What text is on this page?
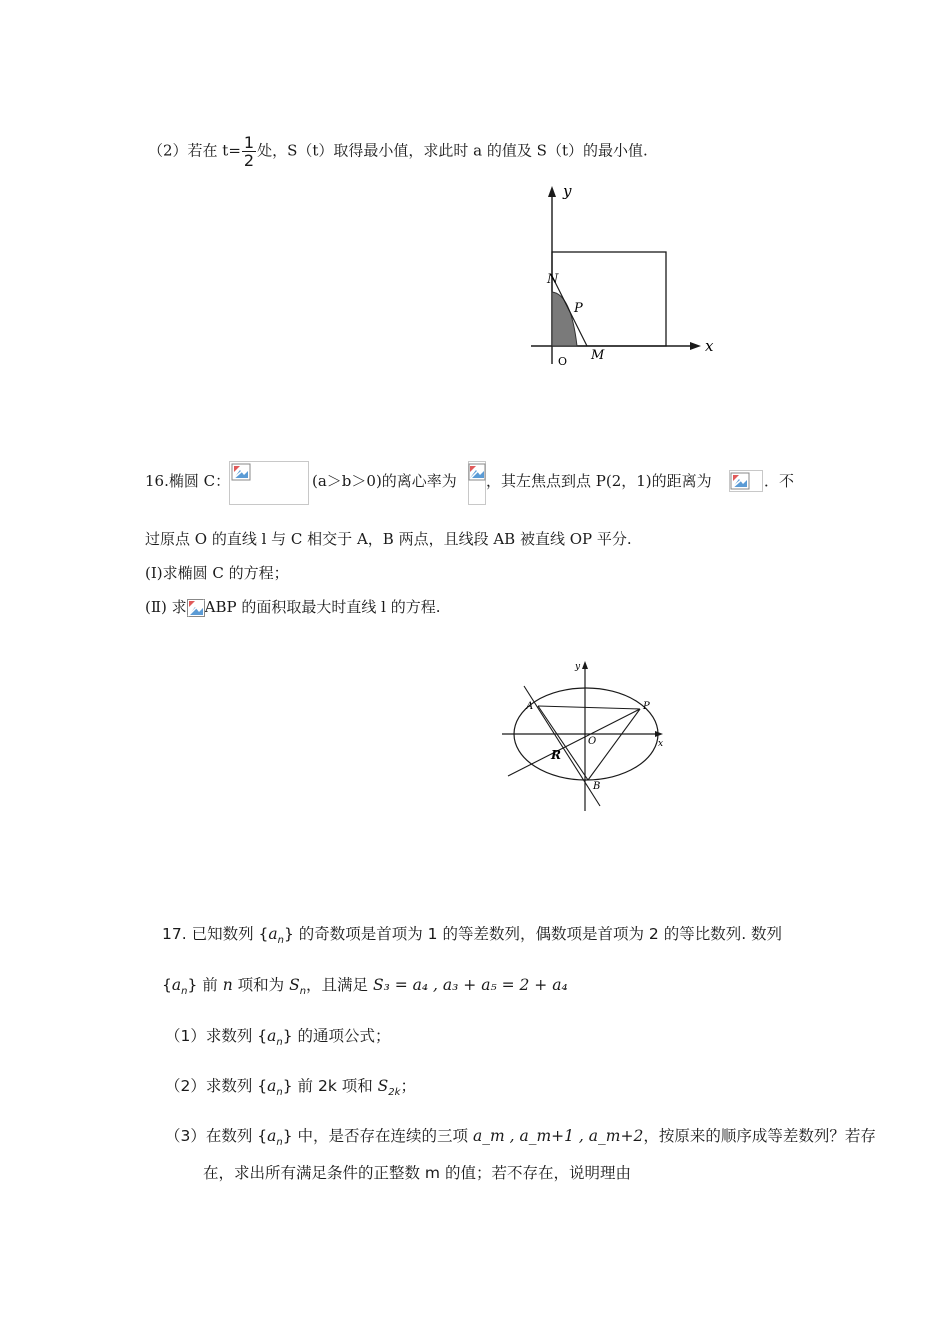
（2）若在 $t= \frac{1}{2}$ 处，S（t）取得最小值，求此时 a 的值及 S（t）的最小值.
O
y
x
N
P
M
16.椭圆 C：	(a＞b＞0)的离心率为 ，其左焦点到点 P(2，1)的距离为	．不
过原点 O 的直线 l 与 C 相交于 A，B 两点，且线段 AB 被直线 OP 平分.
(Ⅰ)求椭圆 C 的方程；
(Ⅱ) 求 ABP 的面积取最大时直线 l 的方程.
A	P
O
R
B
y
x
17. 已知数列 $\{a_n\}$ 的奇数项是首项为 1 的等差数列，偶数项是首项为 2 的等比数列. 数列
$\{a_n\}$ 前 n 项和为 $S_n$，且满足 S₃ = a₄ , a₃ + a₅ = 2 + a₄
（1）求数列 $\{a_n\}$ 的通项公式；
（2）求数列 $\{a_n\}$ 前 2k 项和 $S_{2k}$；
（3）在数列 $\{a_n\}$ 中，是否存在连续的三项 a_m , a_m+1 , a_m+2，按原来的顺序成等差数列？若存
在，求出所有满足条件的正整数 m 的值；若不存在，说明理由
